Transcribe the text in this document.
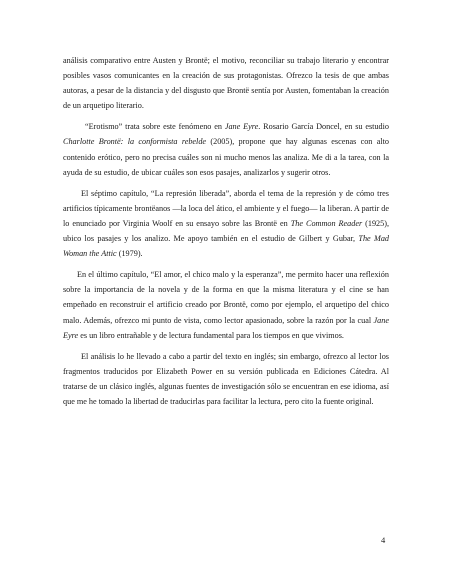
análisis comparativo entre Austen y Brontë; el motivo, reconciliar su trabajo literario y encontrar posibles vasos comunicantes en la creación de sus protagonistas. Ofrezco la tesis de que ambas autoras, a pesar de la distancia y del disgusto que Brontë sentía por Austen, fomentaban la creación de un arquetipo literario.

“Erotismo” trata sobre este fenómeno en Jane Eyre. Rosario García Doncel, en su estudio Charlotte Brontë: la conformista rebelde (2005), propone que hay algunas escenas con alto contenido erótico, pero no precisa cuáles son ni mucho menos las analiza. Me di a la tarea, con la ayuda de su estudio, de ubicar cuáles son esos pasajes, analizarlos y sugerir otros.

El séptimo capítulo, “La represión liberada”, aborda el tema de la represión y de cómo tres artificios típicamente brontëanos —la loca del ático, el ambiente y el fuego— la liberan. A partir de lo enunciado por Virginia Woolf en su ensayo sobre las Brontë en The Common Reader (1925), ubico los pasajes y los analizo. Me apoyo también en el estudio de Gilbert y Gubar, The Mad Woman the Attic (1979).

En el último capítulo, “El amor, el chico malo y la esperanza”, me permito hacer una reflexión sobre la importancia de la novela y de la forma en que la misma literatura y el cine se han empeñado en reconstruir el artificio creado por Brontë, como por ejemplo, el arquetipo del chico malo. Además, ofrezco mi punto de vista, como lector apasionado, sobre la razón por la cual Jane Eyre es un libro entrañable y de lectura fundamental para los tiempos en que vivimos.

El análisis lo he llevado a cabo a partir del texto en inglés; sin embargo, ofrezco al lector los fragmentos traducidos por Elizabeth Power en su versión publicada en Ediciones Cátedra. Al tratarse de un clásico inglés, algunas fuentes de investigación sólo se encuentran en ese idioma, así que me he tomado la libertad de traducirlas para facilitar la lectura, pero cito la fuente original.

4
